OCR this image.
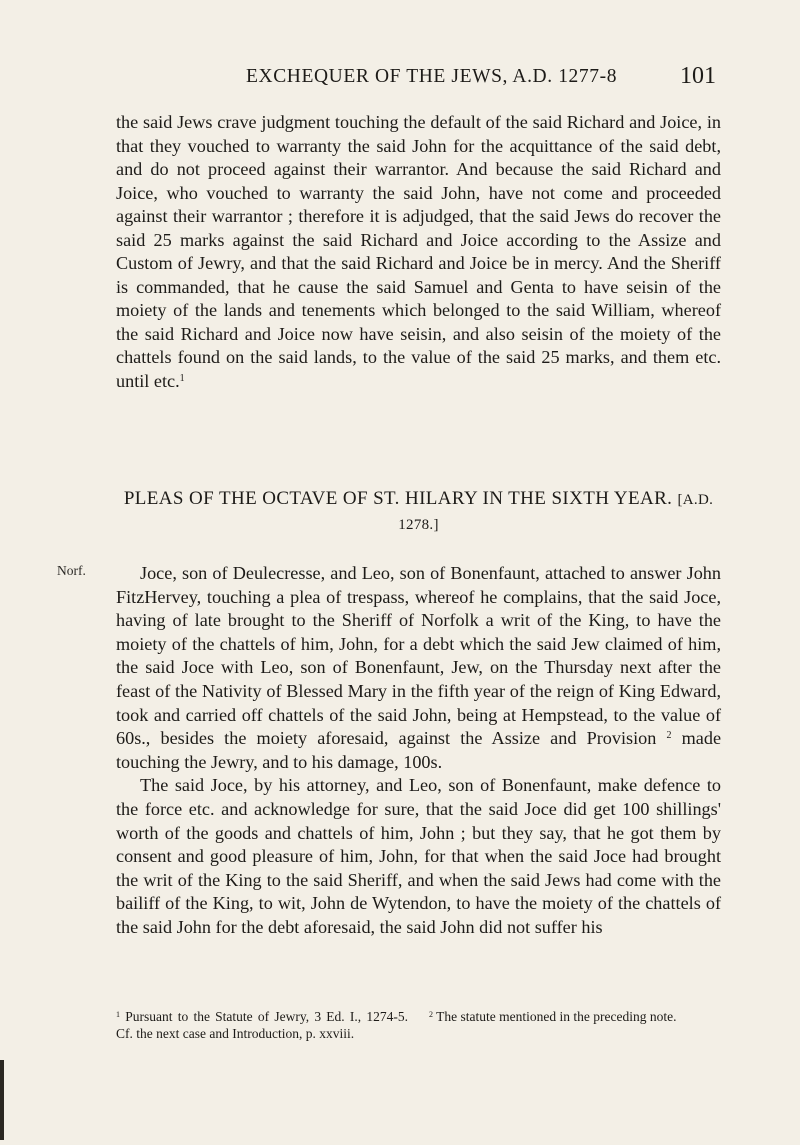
EXCHEQUER OF THE JEWS, A.D. 1277-8	101

the said Jews crave judgment touching the default of the said Richard and Joice, in that they vouched to warranty the said John for the acquittance of the said debt, and do not proceed against their warrantor. And because the said Richard and Joice, who vouched to warranty the said John, have not come and proceeded against their warrantor ; therefore it is adjudged, that the said Jews do recover the said 25 marks against the said Richard and Joice according to the Assize and Custom of Jewry, and that the said Richard and Joice be in mercy. And the Sheriff is commanded, that he cause the said Samuel and Genta to have seisin of the moiety of the lands and tenements which belonged to the said William, whereof the said Richard and Joice now have seisin, and also seisin of the moiety of the chattels found on the said lands, to the value of the said 25 marks, and them etc. until etc.$^1$

PLEAS OF THE OCTAVE OF ST. HILARY IN THE SIXTH YEAR. [A.D. 1278.]
Norf.	Joce, son of Deulecresse, and Leo, son of Bonenfaunt, attached to answer John FitzHervey, touching a plea of trespass, whereof he complains, that the said Joce, having of late brought to the Sheriff of Norfolk a writ of the King, to have the moiety of the chattels of him, John, for a debt which the said Jew claimed of him, the said Joce with Leo, son of Bonenfaunt, Jew, on the Thursday next after the feast of the Nativity of Blessed Mary in the fifth year of the reign of King Edward, took and carried off chattels of the said John, being at Hempstead, to the value of 60s., besides the moiety aforesaid, against the Assize and Provision $^2$ made touching the Jewry, and to his damage, 100s.

The said Joce, by his attorney, and Leo, son of Bonenfaunt, make defence to the force etc. and acknowledge for sure, that the said Joce did get 100 shillings' worth of the goods and chattels of him, John ; but they say, that he got them by consent and good pleasure of him, John, for that when the said Joce had brought the writ of the King to the said Sheriff, and when the said Jews had come with the bailiff of the King, to wit, John de Wytendon, to have the moiety of the chattels of the said John for the debt aforesaid, the said John did not suffer his

$^1$ Pursuant to the Statute of Jewry, 3 Ed. I., 1274-5. Cf. the next case and Introduction, p. xxviii.
$^2$ The statute mentioned in the preceding note.
